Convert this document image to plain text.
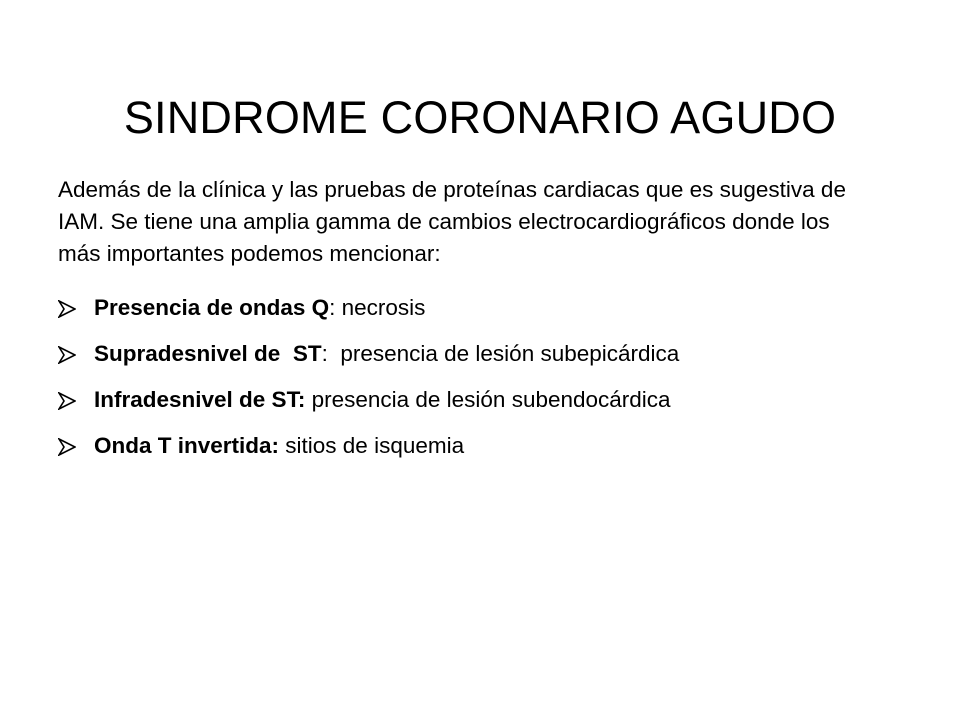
SINDROME CORONARIO AGUDO

Además de la clínica y las pruebas de proteínas cardiacas que es sugestiva de IAM. Se tiene una amplia gamma de cambios electrocardiográficos donde los más importantes podemos mencionar:

Presencia de ondas Q: necrosis
Supradesnivel de  ST:  presencia de lesión subepicárdica
Infradesnivel de ST: presencia de lesión subendocárdica
Onda T invertida: sitios de isquemia
